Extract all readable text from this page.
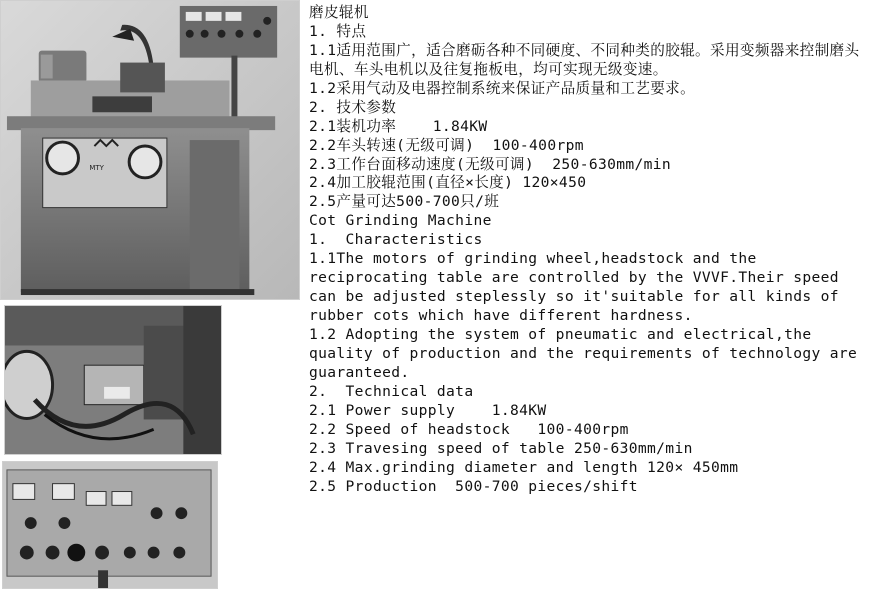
MTY
磨皮辊机
1. 特点
1.1适用范围广，适合磨砺各种不同硬度、不同种类的胶辊。采用变频器来控制磨头电机、车头电机以及往复拖板电，均可实现无级变速。
1.2采用气动及电器控制系统来保证产品质量和工艺要求。
2. 技术参数
2.1装机功率    1.84KW
2.2车头转速(无级可调)  100-400rpm
2.3工作台面移动速度(无级可调)  250-630mm/min
2.4加工胶辊范围(直径×长度) 120×450
2.5产量可达500-700只/班
Cot Grinding Machine
1.  Characteristics
1.1The motors of grinding wheel,headstock and the reciprocating table are controlled by the VVVF.Their speed can be adjusted steplessly so it'suitable for all kinds of rubber cots which have different hardness.
1.2 Adopting the system of pneumatic and electrical,the quality of production and the requirements of technology are guaranteed.
2.  Technical data
2.1 Power supply    1.84KW
2.2 Speed of headstock   100-400rpm
2.3 Travesing speed of table 250-630mm/min
2.4 Max.grinding diameter and length 120× 450mm
2.5 Production  500-700 pieces/shift
